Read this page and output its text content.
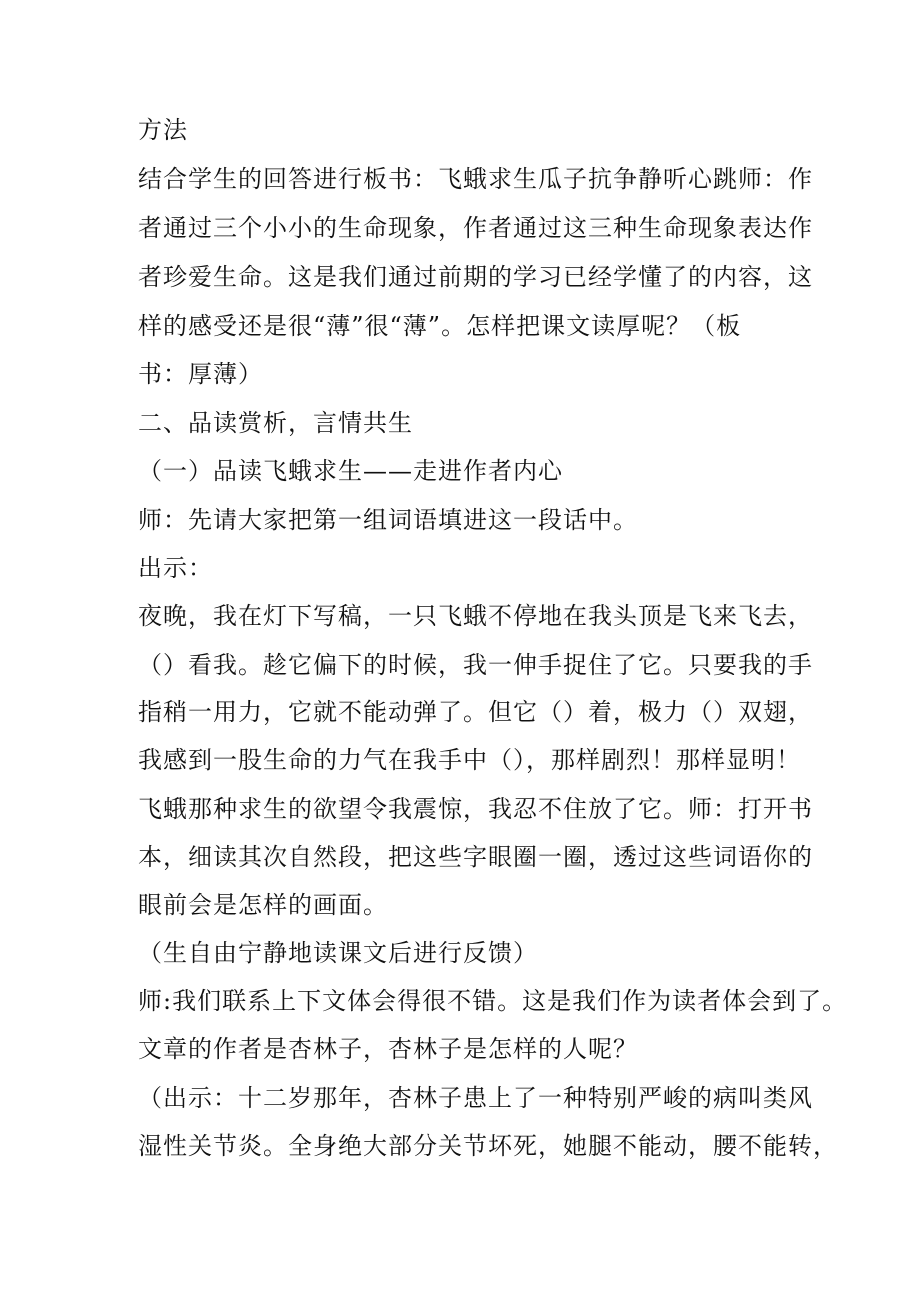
方法

结合学生的回答进行板书：飞蛾求生瓜子抗争静听心跳师：作

者通过三个小小的生命现象，作者通过这三种生命现象表达作

者珍爱生命。这是我们通过前期的学习已经学懂了的内容，这

样的感受还是很“薄”很“薄”。怎样把课文读厚呢？（板

书：厚薄）

二、品读赏析，言情共生

（一）品读飞蛾求生——走进作者内心

师：先请大家把第一组词语填进这一段话中。

出示：

夜晚，我在灯下写稿，一只飞蛾不停地在我头顶是飞来飞去，

（）看我。趁它偏下的时候，我一伸手捉住了它。只要我的手

指稍一用力，它就不能动弹了。但它（）着，极力（）双翅，

我感到一股生命的力气在我手中（），那样剧烈！那样显明！

飞蛾那种求生的欲望令我震惊，我忍不住放了它。师：打开书

本，细读其次自然段，把这些字眼圈一圈，透过这些词语你的

眼前会是怎样的画面。

（生自由宁静地读课文后进行反馈）

师:我们联系上下文体会得很不错。这是我们作为读者体会到了。

文章的作者是杏林子，杏林子是怎样的人呢？

（出示：十二岁那年，杏林子患上了一种特别严峻的病叫类风

湿性关节炎。全身绝大部分关节坏死，她腿不能动，腰不能转，
